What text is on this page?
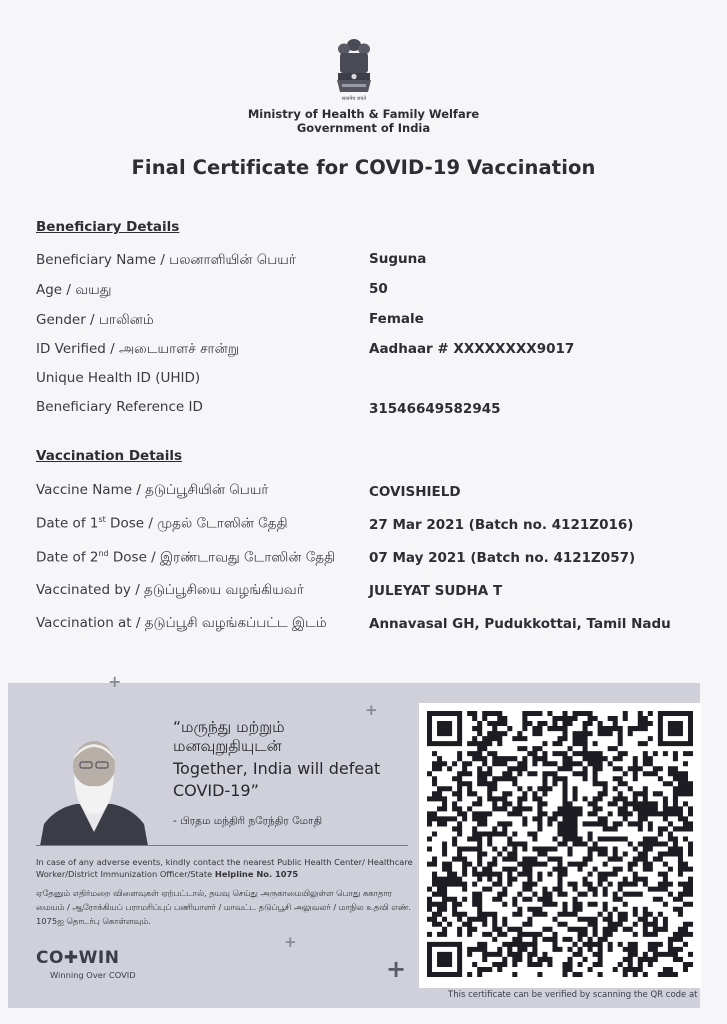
सत्यमेव जयते
Ministry of Health & Family Welfare
Government of India
Final Certificate for COVID-19 Vaccination
Beneficiary Details
Beneficiary Name / பலனாளியின் பெயர்	Suguna
Age / வயது	50
Gender / பாலினம்	Female
ID Verified / அடையாளச் சான்று	Aadhaar # XXXXXXXX9017
Unique Health ID (UHID)
Beneficiary Reference ID	31546649582945
Vaccination Details
Vaccine Name / தடுப்பூசியின் பெயர்	COVISHIELD
Date of 1st Dose / முதல் டோஸின் தேதி	27 Mar 2021 (Batch no. 4121Z016)
Date of 2nd Dose / இரண்டாவது டோஸின் தேதி	07 May 2021 (Batch no. 4121Z057)
Vaccinated by / தடுப்பூசியை வழங்கியவர்	JULEYAT SUDHA T
Vaccination at / தடுப்பூசி வழங்கப்பட்ட இடம்	Annavasal GH, Pudukkottai, Tamil Nadu
+
+
+
+
“மருந்து மற்றும்
மனவுறுதியுடன்
Together, India will defeat
COVID-19”
- பிரதம மந்திரி நரேந்திர மோதி
In case of any adverse events, kindly contact the nearest Public Health Center/ Healthcare Worker/District Immunization Officer/State Helpline No. 1075
ஏதேனும் எதிர்மறை விளைவுகள் ஏற்பட்டால், தயவு செய்து அருகாமையிலுள்ள பொது சுகாதார மையம் / ஆரோக்கியப் பராமரிப்புப் பணியாளர் / மாவட்ட தடுப்பூசி அலுவலர் / மாநில உதவி எண். 1075ஐ தொடர்பு கொள்ளவும்.
CO✚WIN
Winning Over COVID
This certificate can be verified by scanning the QR code at
